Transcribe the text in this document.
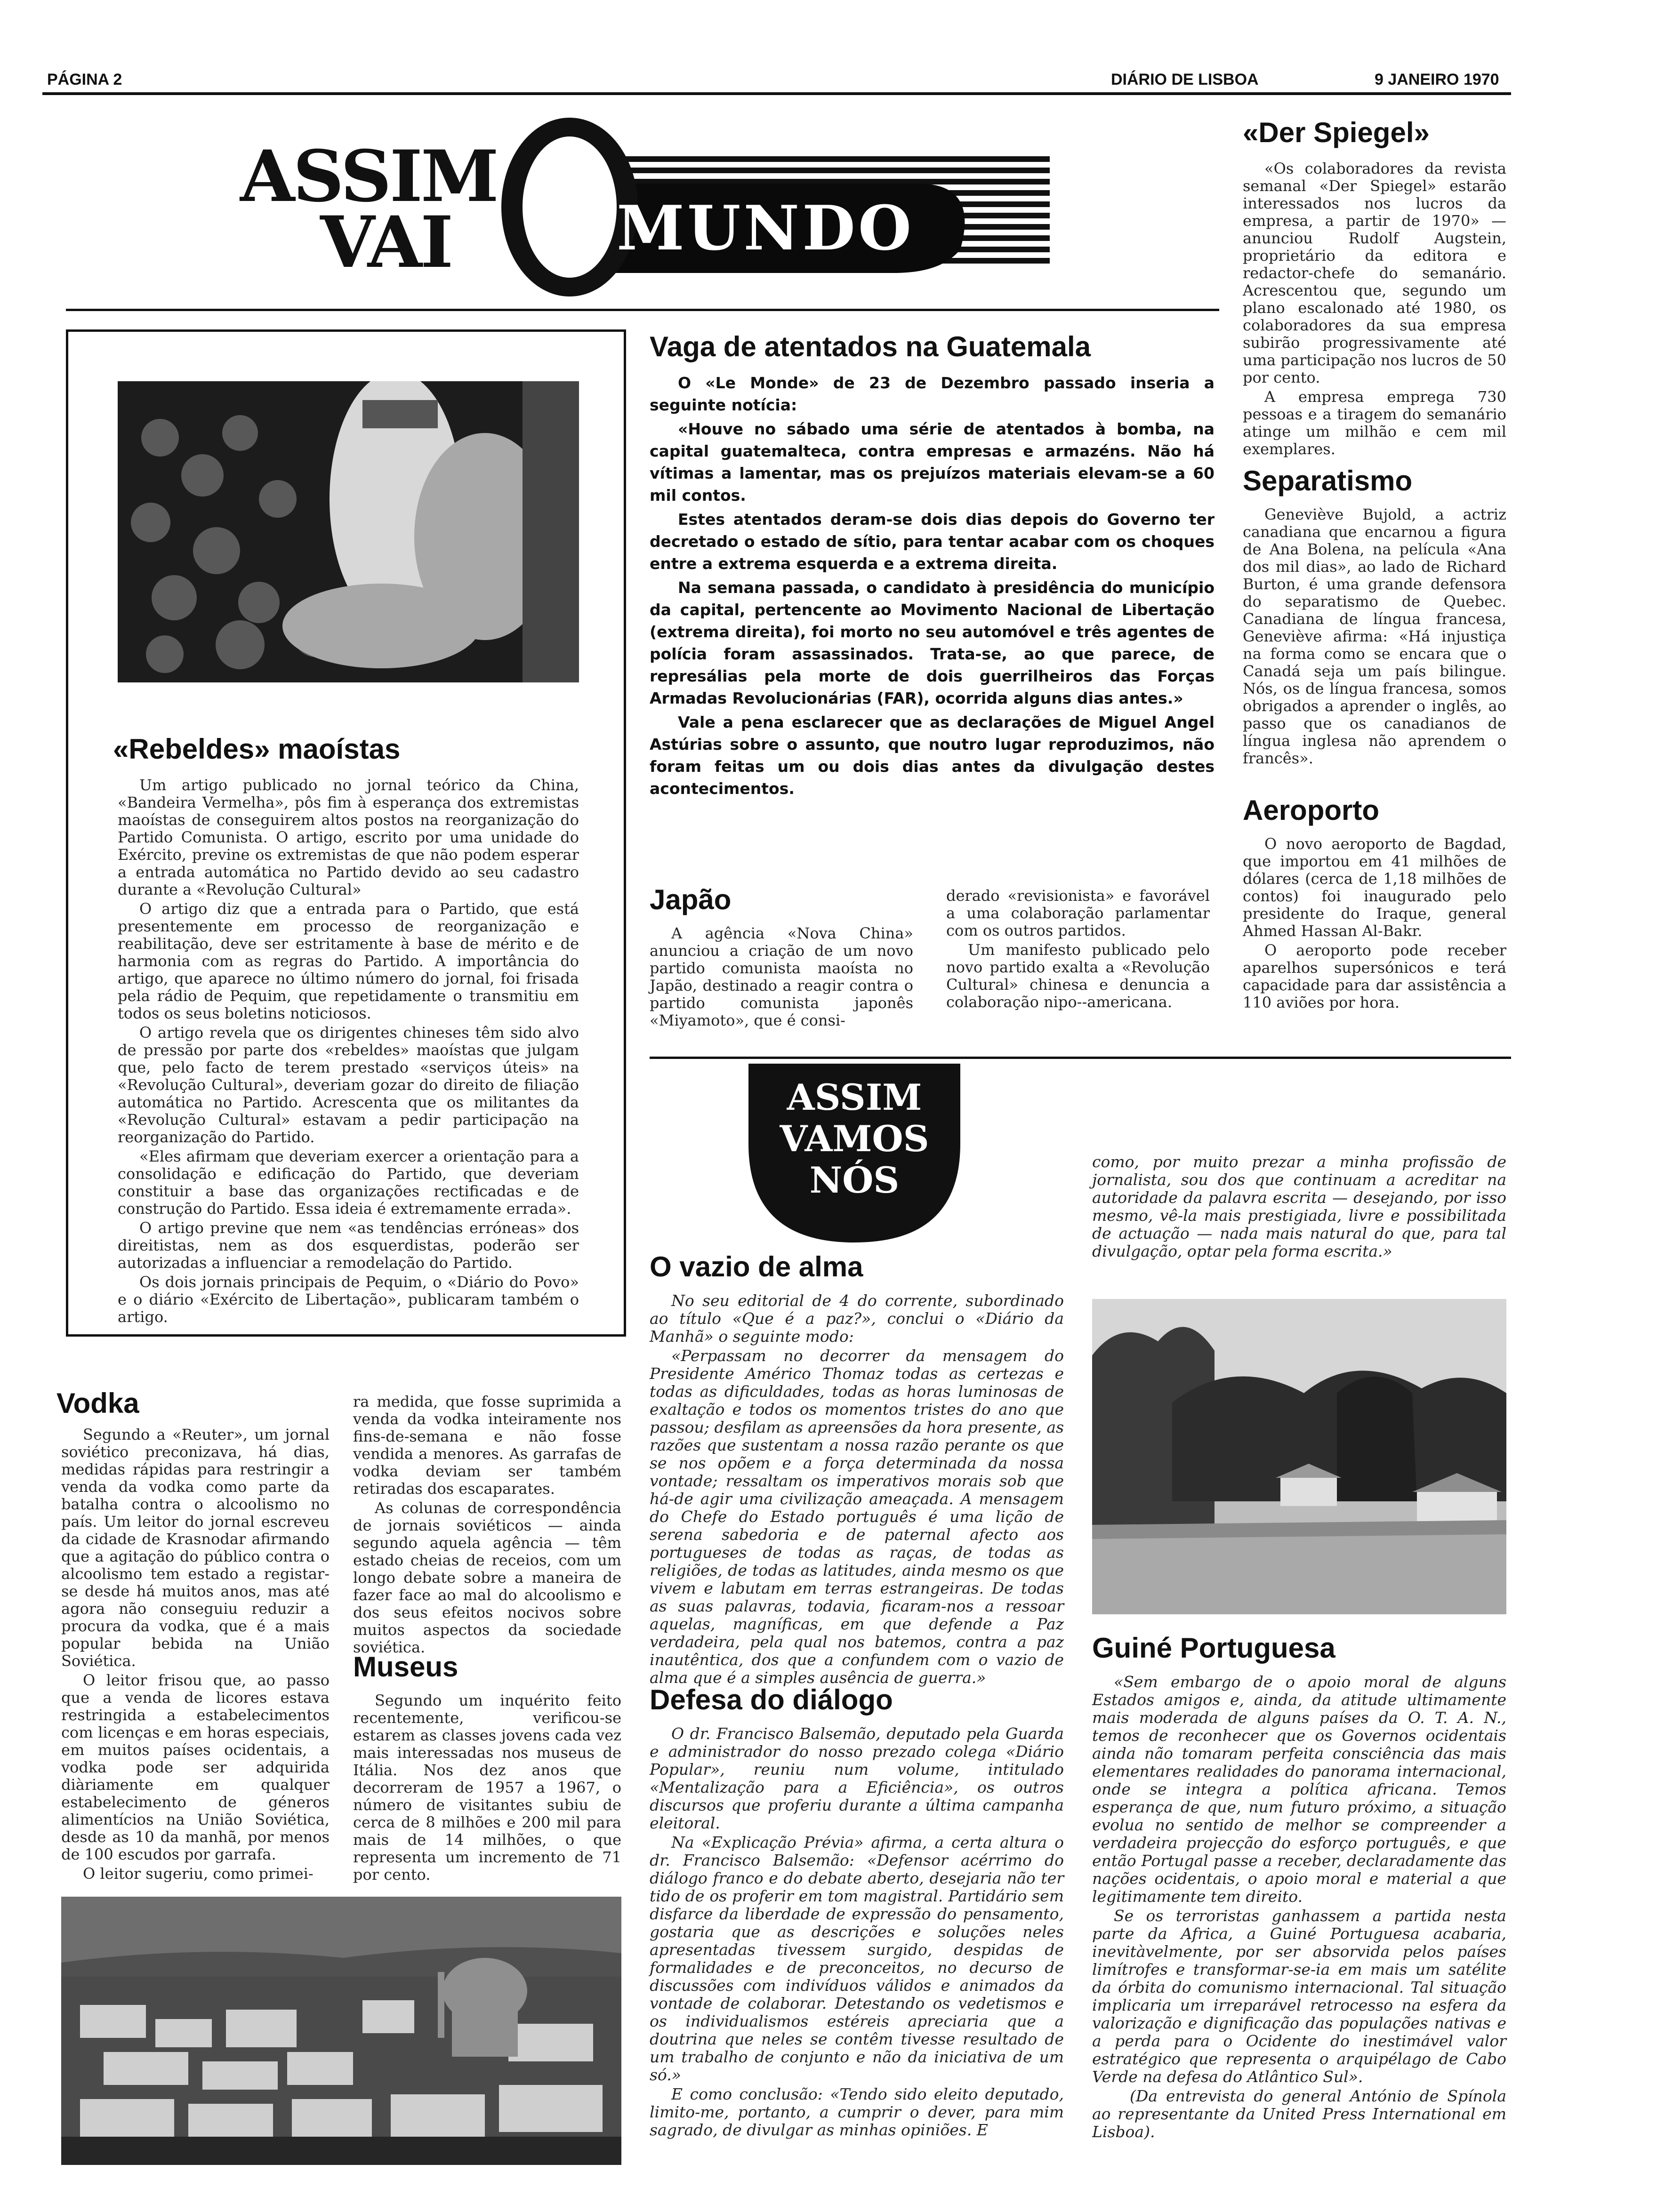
PÁGINA 2	DIÁRIO DE LISBOA	9 JANEIRO 1970
ASSIM
VAI	MUNDO
«Rebeldes» maoístas

Um artigo publicado no jornal teórico da China, «Bandeira Vermelha», pôs fim à esperança dos extremistas maoístas de conseguirem altos postos na reorganização do Partido Comunista. O artigo, escrito por uma unidade do Exército, previne os extremistas de que não podem esperar a entrada automática no Partido devido ao seu cadastro durante a «Revolução Cultural»

O artigo diz que a entrada para o Partido, que está presentemente em processo de reorganização e reabilitação, deve ser estritamente à base de mérito e de harmonia com as regras do Partido. A importância do artigo, que aparece no último número do jornal, foi frisada pela rádio de Pequim, que repetidamente o transmitiu em todos os seus boletins noticiosos.

O artigo revela que os dirigentes chineses têm sido alvo de pressão por parte dos «rebeldes» maoístas que julgam que, pelo facto de terem prestado «serviços úteis» na «Revolução Cultural», deveriam gozar do direito de filiação automática no Partido. Acrescenta que os militantes da «Revolução Cultural» estavam a pedir participação na reorganização do Partido.

«Eles afirmam que deveriam exercer a orientação para a consolidação e edificação do Partido, que deveriam constituir a base das organizações rectificadas e de construção do Partido. Essa ideia é extremamente errada».

O artigo previne que nem «as tendências erróneas» dos direitistas, nem as dos esquerdistas, poderão ser autorizadas a influenciar a remodelação do Partido.

Os dois jornais principais de Pequim, o «Diário do Povo» e o diário «Exército de Libertação», publicaram também o artigo.

Vaga de atentados na Guatemala

O «Le Monde» de 23 de Dezembro passado inseria a seguinte notícia:

«Houve no sábado uma série de atentados à bomba, na capital guatemalteca, contra empresas e armazéns. Não há vítimas a lamentar, mas os prejuízos materiais elevam-se a 60 mil contos.

Estes atentados deram-se dois dias depois do Governo ter decretado o estado de sítio, para tentar acabar com os choques entre a extrema esquerda e a extrema direita.

Na semana passada, o candidato à presidência do município da capital, pertencente ao Movimento Nacional de Libertação (extrema direita), foi morto no seu automóvel e três agentes de polícia foram assassinados. Trata-se, ao que parece, de represálias pela morte de dois guerrilheiros das Forças Armadas Revolucionárias (FAR), ocorrida alguns dias antes.»

Vale a pena esclarecer que as declarações de Miguel Angel Astúrias sobre o assunto, que noutro lugar reproduzimos, não foram feitas um ou dois dias antes da divulgação destes acontecimentos.

Japão

A agência «Nova China» anunciou a criação de um novo partido comunista maoísta no Japão, destinado a reagir contra o partido comunista japonês «Miyamoto», que é consi-

derado «revisionista» e favorável a uma colaboração parlamentar com os outros partidos.

Um manifesto publicado pelo novo partido exalta a «Revolução Cultural» chinesa e denuncia a colaboração nipo--americana.

«Der Spiegel»

«Os colaboradores da revista semanal «Der Spiegel» estarão interessados nos lucros da empresa, a partir de 1970» — anunciou Rudolf Augstein, proprietário da editora e redactor-chefe do semanário. Acrescentou que, segundo um plano escalonado até 1980, os colaboradores da sua empresa subirão progressivamente até uma participação nos lucros de 50 por cento.

A empresa emprega 730 pessoas e a tiragem do semanário atinge um milhão e cem mil exemplares.

Separatismo

Geneviève Bujold, a actriz canadiana que encarnou a figura de Ana Bolena, na película «Ana dos mil dias», ao lado de Richard Burton, é uma grande defensora do separatismo de Quebec. Canadiana de língua francesa, Geneviève afirma: «Há injustiça na forma como se encara que o Canadá seja um país bilingue. Nós, os de língua francesa, somos obrigados a aprender o inglês, ao passo que os canadianos de língua inglesa não aprendem o francês».

Aeroporto

O novo aeroporto de Bagdad, que importou em 41 milhões de dólares (cerca de 1,18 milhões de contos) foi inaugurado pelo presidente do Iraque, general Ahmed Hassan Al-Bakr.

O aeroporto pode receber aparelhos supersónicos e terá capacidade para dar assistência a 110 aviões por hora.

ASSIM
VAMOS
NÓS	como, por muito prezar a minha profissão de jornalista, sou dos que continuam a acreditar na autoridade da palavra escrita — desejando, por isso mesmo, vê-la mais prestigiada, livre e possibilitada de actuação — nada mais natural do que, para tal divulgação, optar pela forma escrita.»

O vazio de alma

No seu editorial de 4 do corrente, subordinado ao título «Que é a paz?», conclui o «Diário da Manhã» o seguinte modo:

«Perpassam no decorrer da mensagem do Presidente Américo Thomaz todas as certezas e todas as dificuldades, todas as horas luminosas de exaltação e todos os momentos tristes do ano que passou; desfilam as apreensões da hora presente, as razões que sustentam a nossa razão perante os que se nos opõem e a força determinada da nossa vontade; ressaltam os imperativos morais sob que há-de agir uma civilização ameaçada. A mensagem do Chefe do Estado português é uma lição de serena sabedoria e de paternal afecto aos portugueses de todas as raças, de todas as religiões, de todas as latitudes, ainda mesmo os que vivem e labutam em terras estrangeiras. De todas as suas palavras, todavia, ficaram-nos a ressoar aquelas, magníficas, em que defende a Paz verdadeira, pela qual nos batemos, contra a paz inautêntica, dos que a confundem com o vazio de alma que é a simples ausência de guerra.»

Defesa do diálogo

O dr. Francisco Balsemão, deputado pela Guarda e administrador do nosso prezado colega «Diário Popular», reuniu num volume, intitulado «Mentalização para a Eficiência», os outros discursos que proferiu durante a última campanha eleitoral.

Na «Explicação Prévia» afirma, a certa altura o dr. Francisco Balsemão: «Defensor acérrimo do diálogo franco e do debate aberto, desejaria não ter tido de os proferir em tom magistral. Partidário sem disfarce da liberdade de expressão do pensamento, gostaria que as descrições e soluções neles apresentadas tivessem surgido, despidas de formalidades e de preconceitos, no decurso de discussões com indivíduos válidos e animados da vontade de colaborar. Detestando os vedetismos e os individualismos estéreis apreciaria que a doutrina que neles se contêm tivesse resultado de um trabalho de conjunto e não da iniciativa de um só.»

E como conclusão: «Tendo sido eleito deputado, limito-me, portanto, a cumprir o dever, para mim sagrado, de divulgar as minhas opiniões. E

Guiné Portuguesa

«Sem embargo de o apoio moral de alguns Estados amigos e, ainda, da atitude ultimamente mais moderada de alguns países da O. T. A. N., temos de reconhecer que os Governos ocidentais ainda não tomaram perfeita consciência das mais elementares realidades do panorama internacional, onde se integra a política africana. Temos esperança de que, num futuro próximo, a situação evolua no sentido de melhor se compreender a verdadeira projecção do esforço português, e que então Portugal passe a receber, declaradamente das nações ocidentais, o apoio moral e material a que legitimamente tem direito.

Se os terroristas ganhassem a partida nesta parte da Africa, a Guiné Portuguesa acabaria, inevitàvelmente, por ser absorvida pelos países limítrofes e transformar-se-ia em mais um satélite da órbita do comunismo internacional. Tal situação implicaria um irreparável retrocesso na esfera da valorização e dignificação das populações nativas e a perda para o Ocidente do inestimável valor estratégico que representa o arquipélago de Cabo Verde na defesa do Atlântico Sul».

(Da entrevista do general António de Spínola ao representante da United Press International em Lisboa).

Vodka

Segundo a «Reuter», um jornal soviético preconizava, há dias, medidas rápidas para restringir a venda da vodka como parte da batalha contra o alcoolismo no país. Um leitor do jornal escreveu da cidade de Krasnodar afirmando que a agitação do público contra o alcoolismo tem estado a registar-se desde há muitos anos, mas até agora não conseguiu reduzir a procura da vodka, que é a mais popular bebida na União Soviética.

O leitor frisou que, ao passo que a venda de licores estava restringida a estabelecimentos com licenças e em horas especiais, em muitos países ocidentais, a vodka pode ser adquirida diàriamente em qualquer estabelecimento de géneros alimentícios na União Soviética, desde as 10 da manhã, por menos de 100 escudos por garrafa.

O leitor sugeriu, como primei-

ra medida, que fosse suprimida a venda da vodka inteiramente nos fins-de-semana e não fosse vendida a menores. As garrafas de vodka deviam ser também retiradas dos escaparates.

As colunas de correspondência de jornais soviéticos — ainda segundo aquela agência — têm estado cheias de receios, com um longo debate sobre a maneira de fazer face ao mal do alcoolismo e dos seus efeitos nocivos sobre muitos aspectos da sociedade soviética.

Museus

Segundo um inquérito feito recentemente, verificou-se estarem as classes jovens cada vez mais interessadas nos museus de Itália. Nos dez anos que decorreram de 1957 a 1967, o número de visitantes subiu de cerca de 8 milhões e 200 mil para mais de 14 milhões, o que representa um incremento de 71 por cento.
